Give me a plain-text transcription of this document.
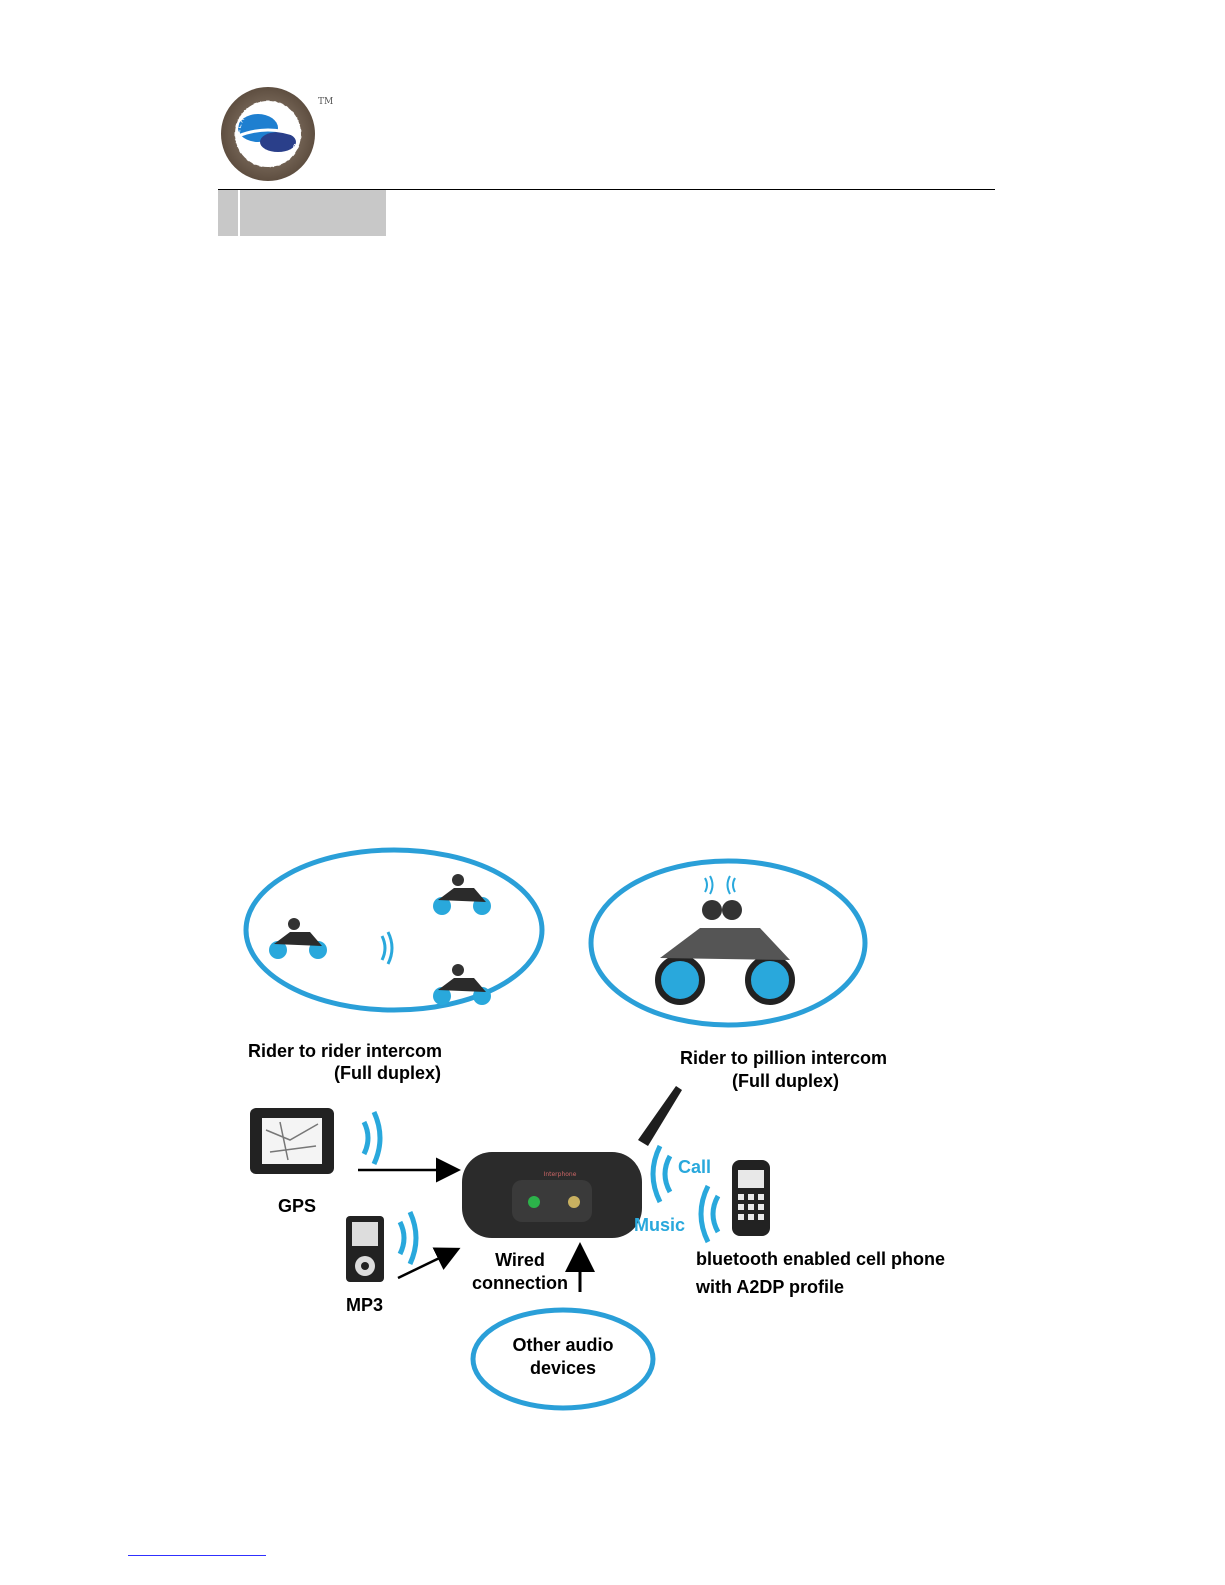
LEXIN ELECTRONICS DESIGN FOR BIKE
TM
Interphone
Rider to rider intercom
(Full duplex)
Rider to pillion intercom
(Full duplex)
GPS
MP3
Wired
connection
Call
Music
bluetooth enabled cell phone
with A2DP profile
Other audio
devices
